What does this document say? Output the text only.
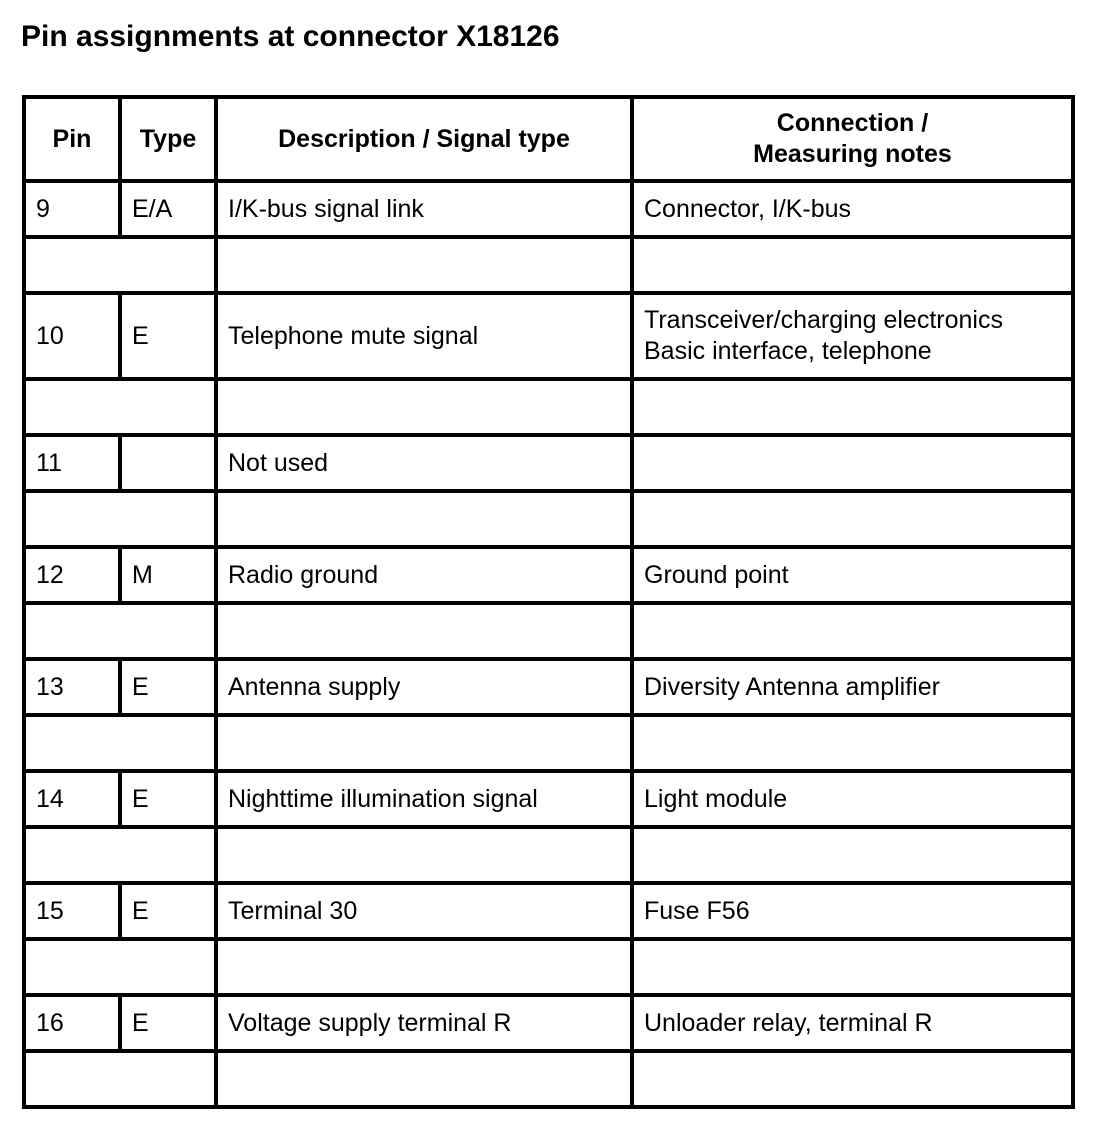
Pin assignments at connector X18126
Pin	Type	Description / Signal type	Connection /
Measuring notes

9	E/A	I/K-bus signal link	Connector, I/K-bus

10	E	Telephone mute signal	Transceiver/charging electronics
Basic interface, telephone

11		Not used	

12	M	Radio ground	Ground point

13	E	Antenna supply	Diversity Antenna amplifier

14	E	Nighttime illumination signal	Light module

15	E	Terminal 30	Fuse F56

16	E	Voltage supply terminal R	Unloader relay, terminal R
